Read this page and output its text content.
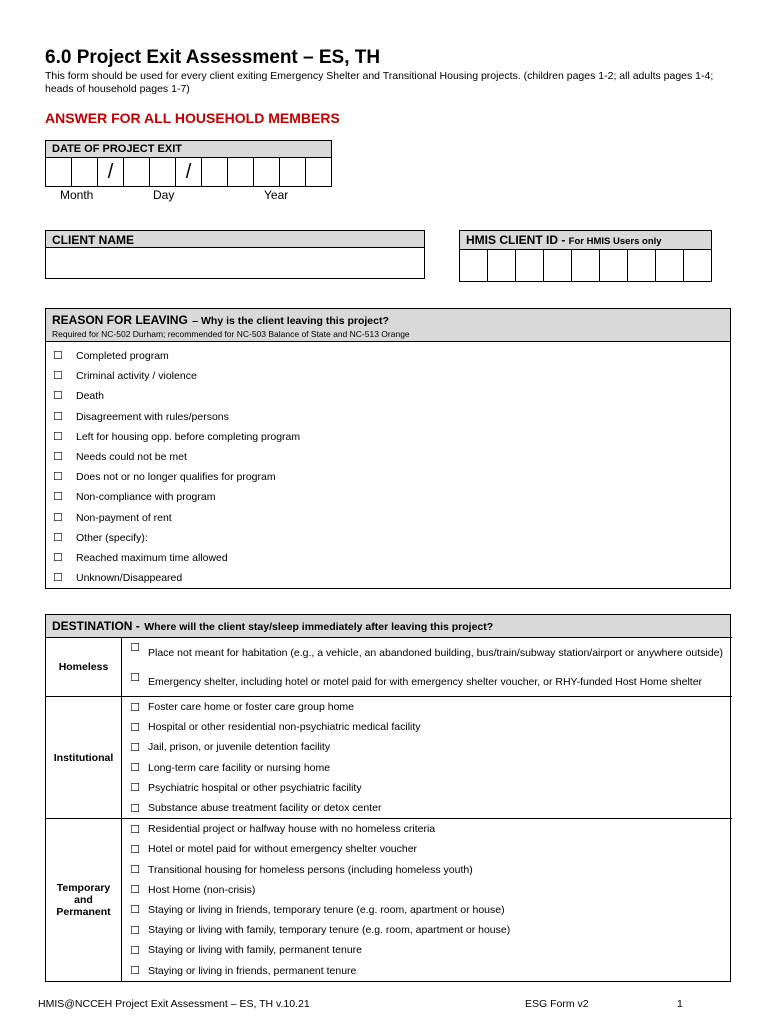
6.0 Project Exit Assessment – ES, TH
This form should be used for every client exiting Emergency Shelter and Transitional Housing projects. (children pages 1-2; all adults pages 1-4; heads of household pages 1-7)
ANSWER FOR ALL HOUSEHOLD MEMBERS
DATE OF PROJECT EXIT
		/			/					
Month	Day	Year
CLIENT NAME	HMIS CLIENT ID - For HMIS Users only

REASON FOR LEAVING – Why is the client leaving this project?
Required for NC-502 Durham; recommended for NC-503 Balance of State and NC-513 Orange
☐ Completed program
☐ Criminal activity / violence
☐ Death
☐ Disagreement with rules/persons
☐ Left for housing opp. before completing program
☐ Needs could not be met
☐ Does not or no longer qualifies for program
☐ Non-compliance with program
☐ Non-payment of rent
☐ Other (specify):
☐ Reached maximum time allowed
☐ Unknown/Disappeared
DESTINATION - Where will the client stay/sleep immediately after leaving this project?
Homeless	☐	Place not meant for habitation (e.g., a vehicle, an abandoned building, bus/train/subway station/airport or anywhere outside)
	☐	Emergency shelter, including hotel or motel paid for with emergency shelter voucher, or RHY-funded Host Home shelter
Institutional	☐	Foster care home or foster care group home
	☐	Hospital or other residential non-psychiatric medical facility
	☐	Jail, prison, or juvenile detention facility
	☐	Long-term care facility or nursing home
	☐	Psychiatric hospital or other psychiatric facility
	☐	Substance abuse treatment facility or detox center

Temporary
and
Permanent	☐	Residential project or halfway house with no homeless criteria
	☐	Hotel or motel paid for without emergency shelter voucher
	☐	Transitional housing for homeless persons (including homeless youth)
	☐	Host Home (non-crisis)
	☐	Staying or living in friends, temporary tenure (e.g. room, apartment or house)
	☐	Staying or living with family, temporary tenure (e.g. room, apartment or house)
	☐	Staying or living with family, permanent tenure
	☐	Staying or living in friends, permanent tenure
HMIS@NCCEH Project Exit Assessment – ES, TH v.10.21	ESG Form v2	1
